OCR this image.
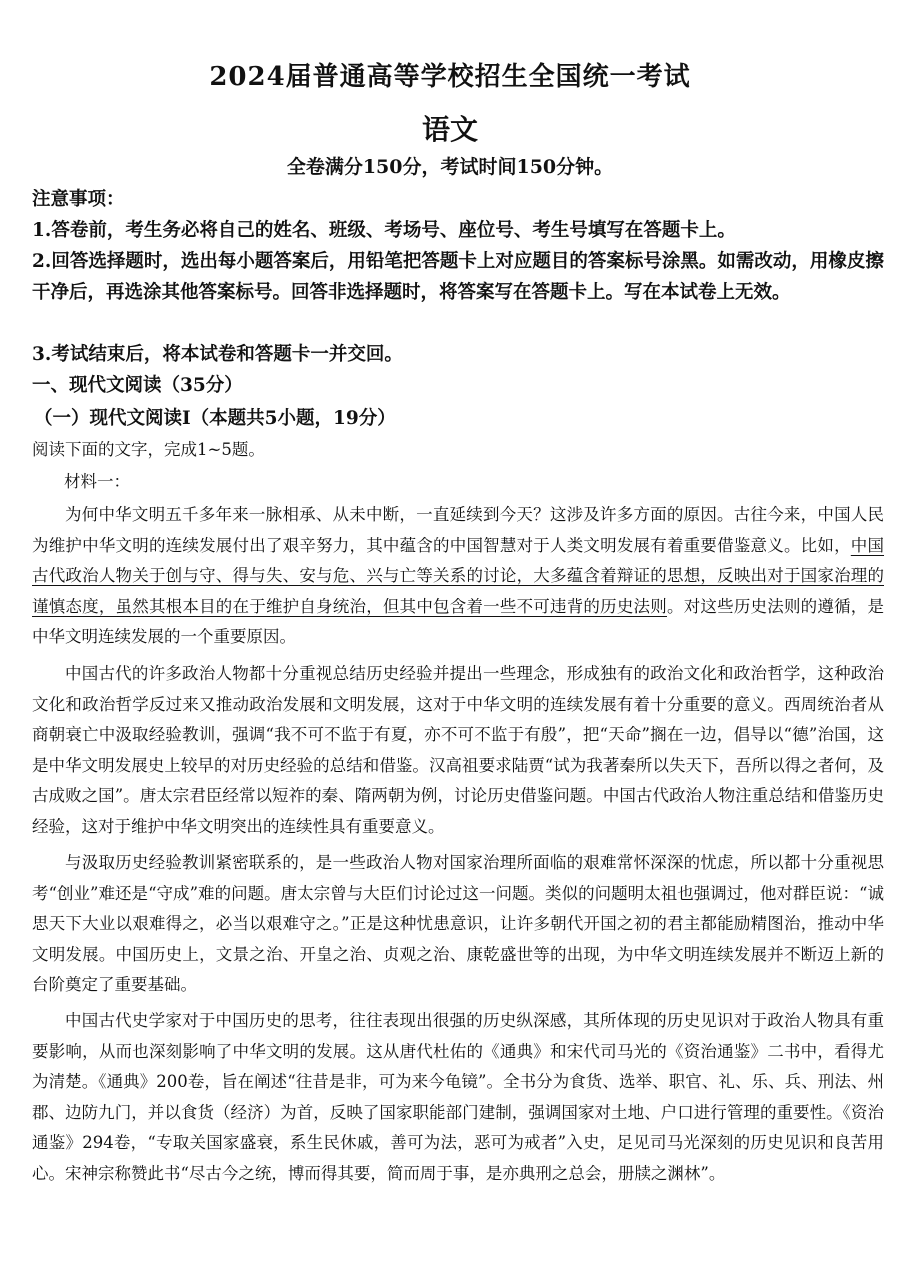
2024届普通高等学校招生全国统一考试
语文
全卷满分150分，考试时间150分钟。
注意事项：
1.答卷前，考生务必将自己的姓名、班级、考场号、座位号、考生号填写在答题卡上。
2.回答选择题时，选出每小题答案后，用铅笔把答题卡上对应题目的答案标号涂黑。如需改动，用橡皮擦干净后，再选涂其他答案标号。回答非选择题时，将答案写在答题卡上。写在本试卷上无效。
3.考试结束后，将本试卷和答题卡一并交回。
一、现代文阅读（35分）
（一）现代文阅读Ⅰ（本题共5小题，19分）
阅读下面的文字，完成1~5题。
材料一：

为何中华文明五千多年来一脉相承、从未中断，一直延续到今天？这涉及许多方面的原因。古往今来，中国人民为维护中华文明的连续发展付出了艰辛努力，其中蕴含的中国智慧对于人类文明发展有着重要借鉴意义。比如，中国古代政治人物关于创与守、得与失、安与危、兴与亡等关系的讨论，大多蕴含着辩证的思想，反映出对于国家治理的谨慎态度，虽然其根本目的在于维护自身统治，但其中包含着一些不可违背的历史法则。对这些历史法则的遵循，是中华文明连续发展的一个重要原因。

中国古代的许多政治人物都十分重视总结历史经验并提出一些理念，形成独有的政治文化和政治哲学，这种政治文化和政治哲学反过来又推动政治发展和文明发展，这对于中华文明的连续发展有着十分重要的意义。西周统治者从商朝衰亡中汲取经验教训，强调“我不可不监于有夏，亦不可不监于有殷”，把“天命”搁在一边，倡导以“德”治国，这是中华文明发展史上较早的对历史经验的总结和借鉴。汉高祖要求陆贾“试为我著秦所以失天下，吾所以得之者何，及古成败之国”。唐太宗君臣经常以短祚的秦、隋两朝为例，讨论历史借鉴问题。中国古代政治人物注重总结和借鉴历史经验，这对于维护中华文明突出的连续性具有重要意义。

与汲取历史经验教训紧密联系的，是一些政治人物对国家治理所面临的艰难常怀深深的忧虑，所以都十分重视思考“创业”难还是“守成”难的问题。唐太宗曾与大臣们讨论过这一问题。类似的问题明太祖也强调过，他对群臣说：“诚思天下大业以艰难得之，必当以艰难守之。”正是这种忧患意识，让许多朝代开国之初的君主都能励精图治，推动中华文明发展。中国历史上，文景之治、开皇之治、贞观之治、康乾盛世等的出现，为中华文明连续发展并不断迈上新的台阶奠定了重要基础。

中国古代史学家对于中国历史的思考，往往表现出很强的历史纵深感，其所体现的历史见识对于政治人物具有重要影响，从而也深刻影响了中华文明的发展。这从唐代杜佑的《通典》和宋代司马光的《资治通鉴》二书中，看得尤为清楚。《通典》200卷，旨在阐述“往昔是非，可为来今龟镜”。全书分为食货、选举、职官、礼、乐、兵、刑法、州郡、边防九门，并以食货（经济）为首，反映了国家职能部门建制，强调国家对土地、户口进行管理的重要性。《资治通鉴》294卷，“专取关国家盛衰，系生民休戚，善可为法，恶可为戒者”入史，足见司马光深刻的历史见识和良苦用心。宋神宗称赞此书“尽古今之统，博而得其要，简而周于事，是亦典刑之总会，册牍之渊林”。
